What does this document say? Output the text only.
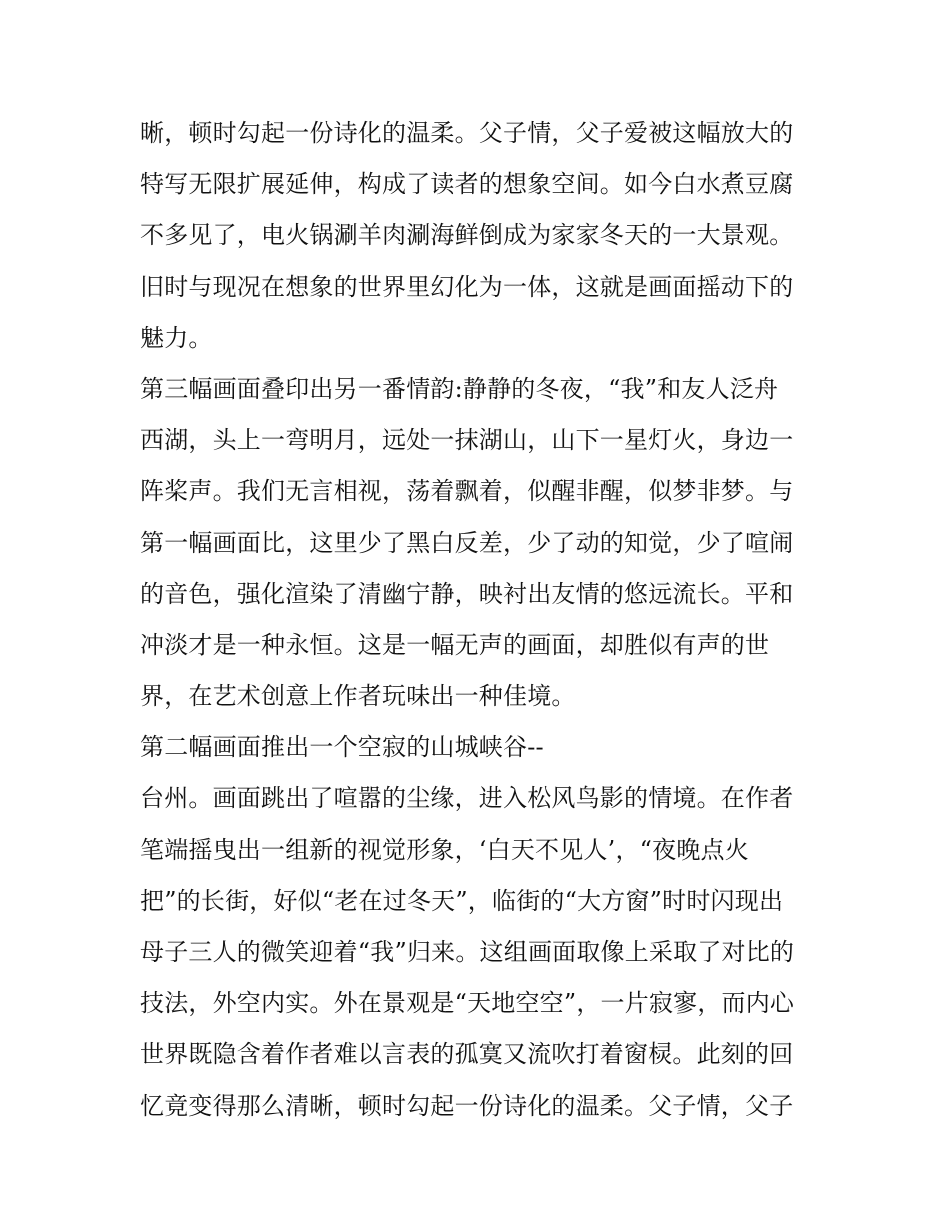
晰，顿时勾起一份诗化的温柔。父子情，父子爱被这幅放大的
特写无限扩展延伸，构成了读者的想象空间。如今白水煮豆腐
不多见了，电火锅涮羊肉涮海鲜倒成为家家冬天的一大景观。
旧时与现况在想象的世界里幻化为一体，这就是画面摇动下的
魅力。
第三幅画面叠印出另一番情韵:静静的冬夜，“我”和友人泛舟
西湖，头上一弯明月，远处一抹湖山，山下一星灯火，身边一
阵桨声。我们无言相视，荡着飘着，似醒非醒，似梦非梦。与
第一幅画面比，这里少了黑白反差，少了动的知觉，少了喧闹
的音色，强化渲染了清幽宁静，映衬出友情的悠远流长。平和
冲淡才是一种永恒。这是一幅无声的画面，却胜似有声的世
界，在艺术创意上作者玩味出一种佳境。
第二幅画面推出一个空寂的山城峡谷--
台州。画面跳出了喧嚣的尘缘，进入松风鸟影的情境。在作者
笔端摇曳出一组新的视觉形象，‘白天不见人’，“夜晚点火
把”的长街，好似“老在过冬天”，临街的“大方窗”时时闪现出
母子三人的微笑迎着“我”归来。这组画面取像上采取了对比的
技法，外空内实。外在景观是“天地空空”，一片寂寥，而内心
世界既隐含着作者难以言表的孤寞又流吹打着窗棂。此刻的回
忆竟变得那么清晰，顿时勾起一份诗化的温柔。父子情，父子
